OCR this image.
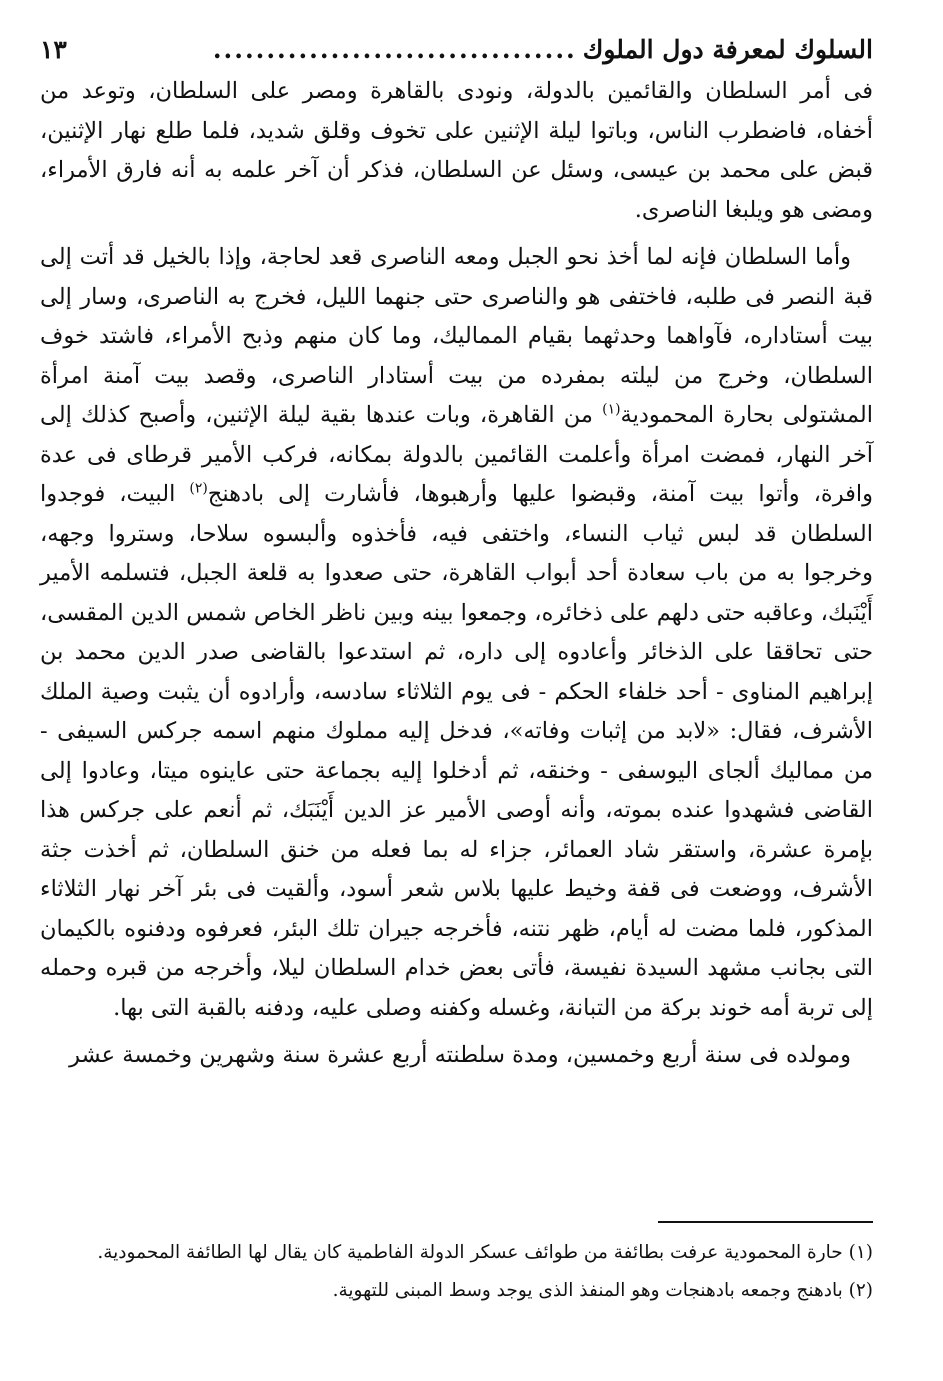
السلوك لمعرفة دول الملوك
..................................
١٣

فى أمر السلطان والقائمين بالدولة، ونودى بالقاهرة ومصر على السلطان، وتوعد من أخفاه، فاضطرب الناس، وباتوا ليلة الإثنين على تخوف وقلق شديد، فلما طلع نهار الإثنين، قبض على محمد بن عيسى، وسئل عن السلطان، فذكر أن آخر علمه به أنه فارق الأمراء، ومضى هو ويلبغا الناصرى.

وأما السلطان فإنه لما أخذ نحو الجبل ومعه الناصرى قعد لحاجة، وإذا بالخيل قد أتت إلى قبة النصر فى طلبه، فاختفى هو والناصرى حتى جنهما الليل، فخرج به الناصرى، وسار إلى بيت أستاداره، فآواهما وحدثهما بقيام المماليك، وما كان منهم وذبح الأمراء، فاشتد خوف السلطان، وخرج من ليلته بمفرده من بيت أستادار الناصرى، وقصد بيت آمنة امرأة المشتولى بحارة المحمودية$^{(١)}$ من القاهرة، وبات عندها بقية ليلة الإثنين، وأصبح كذلك إلى آخر النهار، فمضت امرأة وأعلمت القائمين بالدولة بمكانه، فركب الأمير قرطاى فى عدة وافرة، وأتوا بيت آمنة، وقبضوا عليها وأرهبوها، فأشارت إلى بادهنج$^{(٢)}$ البيت، فوجدوا السلطان قد لبس ثياب النساء، واختفى فيه، فأخذوه وألبسوه سلاحا، وستروا وجهه، وخرجوا به من باب سعادة أحد أبواب القاهرة، حتى صعدوا به قلعة الجبل، فتسلمه الأمير أَيْنَبك، وعاقبه حتى دلهم على ذخائره، وجمعوا بينه وبين ناظر الخاص شمس الدين المقسى، حتى تحاققا على الذخائر وأعادوه إلى داره، ثم استدعوا بالقاضى صدر الدين محمد بن إبراهيم المناوى - أحد خلفاء الحكم - فى يوم الثلاثاء سادسه، وأرادوه أن يثبت وصية الملك الأشرف، فقال: «لابد من إثبات وفاته»، فدخل إليه مملوك منهم اسمه جركس السيفى - من مماليك ألجاى اليوسفى - وخنقه، ثم أدخلوا إليه بجماعة حتى عاينوه ميتا، وعادوا إلى القاضى فشهدوا عنده بموته، وأنه أوصى الأمير عز الدين أَيْنَبَك، ثم أنعم على جركس هذا بإمرة عشرة، واستقر شاد العمائر، جزاء له بما فعله من خنق السلطان، ثم أخذت جثة الأشرف، ووضعت فى قفة وخيط عليها بلاس شعر أسود، وألقيت فى بئر آخر نهار الثلاثاء المذكور، فلما مضت له أيام، ظهر نتنه، فأخرجه جيران تلك البئر، فعرفوه ودفنوه بالكيمان التى بجانب مشهد السيدة نفيسة، فأتى بعض خدام السلطان ليلا، وأخرجه من قبره وحمله إلى تربة أمه خوند بركة من التبانة، وغسله وكفنه وصلى عليه، ودفنه بالقبة التى بها.

ومولده فى سنة أربع وخمسين، ومدة سلطنته أربع عشرة سنة وشهرين وخمسة عشر

(١) حارة المحمودية عرفت بطائفة من طوائف عسكر الدولة الفاطمية كان يقال لها الطائفة المحمودية.

(٢) بادهنج وجمعه بادهنجات وهو المنفذ الذى يوجد وسط المبنى للتهوية.
